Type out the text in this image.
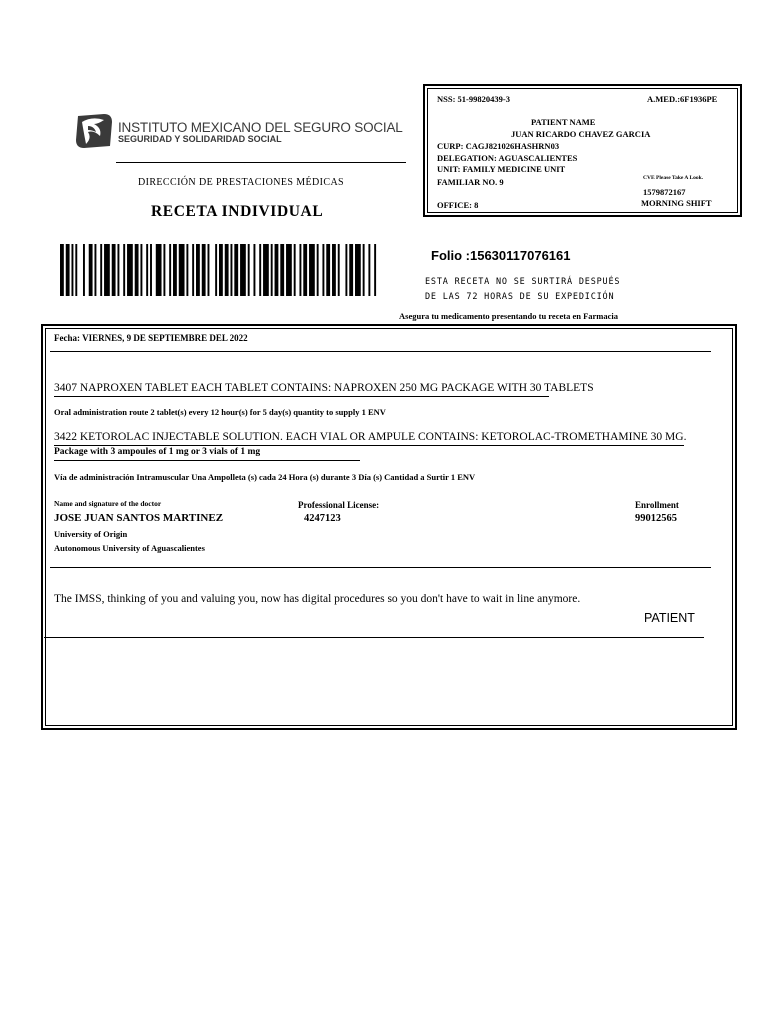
INSTITUTO MEXICANO DEL SEGURO SOCIAL
SEGURIDAD Y SOLIDARIDAD SOCIAL
DIRECCIÓN DE PRESTACIONES MÉDICAS
RECETA INDIVIDUAL
NSS: 51-99820439-3	A.MED.:6F1936PE
PATIENT NAME
JUAN RICARDO CHAVEZ GARCIA
CURP: CAGJ821026HASHRN03
DELEGATION: AGUASCALIENTES
UNIT: FAMILY MEDICINE UNIT
FAMILIAR NO. 9	CVE Please Take A Look.
1579872167
OFFICE: 8	MORNING SHIFT
Folio :15630117076161
ESTA RECETA NO SE SURTIRÁ DESPUÉS
DE LAS 72 HORAS DE SU EXPEDICIÓN
Asegura tu medicamento presentando tu receta en Farmacia
Fecha: VIERNES, 9 DE SEPTIEMBRE DEL 2022
3407 NAPROXEN TABLET EACH TABLET CONTAINS: NAPROXEN 250 MG PACKAGE WITH 30 TABLETS
Oral administration route 2 tablet(s) every 12 hour(s) for 5 day(s) quantity to supply 1 ENV
3422 KETOROLAC INJECTABLE SOLUTION. EACH VIAL OR AMPULE CONTAINS: KETOROLAC-TROMETHAMINE 30 MG.
Package with 3 ampoules of 1 mg or 3 vials of 1 mg
Vía de administración Intramuscular Una Ampolleta (s) cada 24 Hora (s) durante 3 Día (s) Cantidad a Surtir 1 ENV
Name and signature of the doctor
JOSE JUAN SANTOS MARTINEZ
University of Origin
Autonomous University of Aguascalientes
Professional License:
4247123
Enrollment
99012565
The IMSS, thinking of you and valuing you, now has digital procedures so you don't have to wait in line anymore.
PATIENT
